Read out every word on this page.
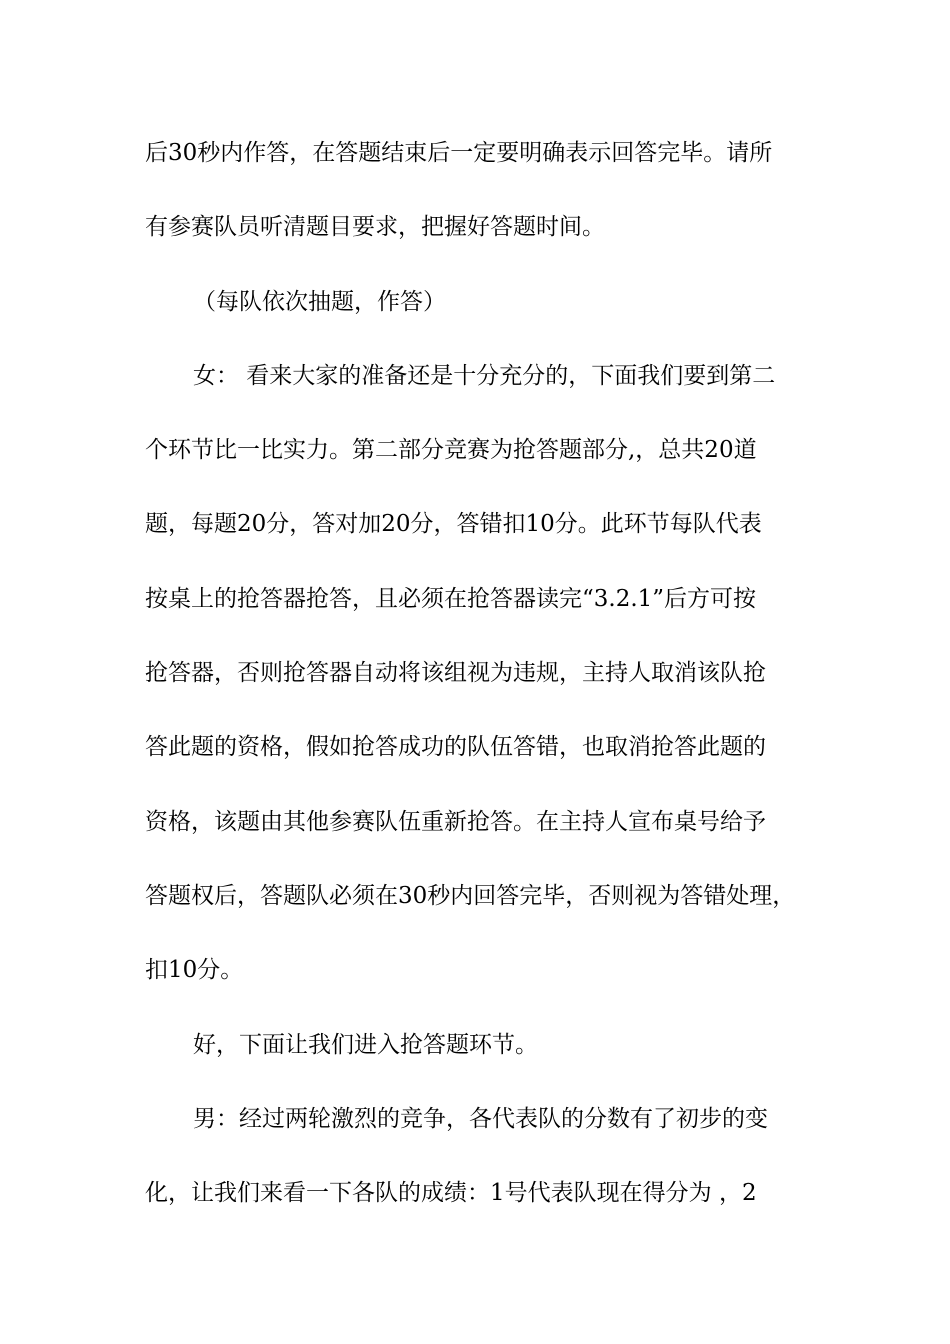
后30秒内作答，在答题结束后一定要明确表示回答完毕。请所
有参赛队员听清题目要求，把握好答题时间。
（每队依次抽题，作答）
女： 看来大家的准备还是十分充分的，下面我们要到第二
个环节比一比实力。第二部分竞赛为抢答题部分,，总共20道
题，每题20分，答对加20分，答错扣10分。此环节每队代表
按桌上的抢答器抢答，且必须在抢答器读完“3.2.1”后方可按
抢答器，否则抢答器自动将该组视为违规，主持人取消该队抢
答此题的资格，假如抢答成功的队伍答错，也取消抢答此题的
资格，该题由其他参赛队伍重新抢答。在主持人宣布桌号给予
答题权后，答题队必须在30秒内回答完毕，否则视为答错处理，
扣10分。
好，下面让我们进入抢答题环节。
男：经过两轮激烈的竞争，各代表队的分数有了初步的变
化，让我们来看一下各队的成绩：1号代表队现在得分为 ，2
